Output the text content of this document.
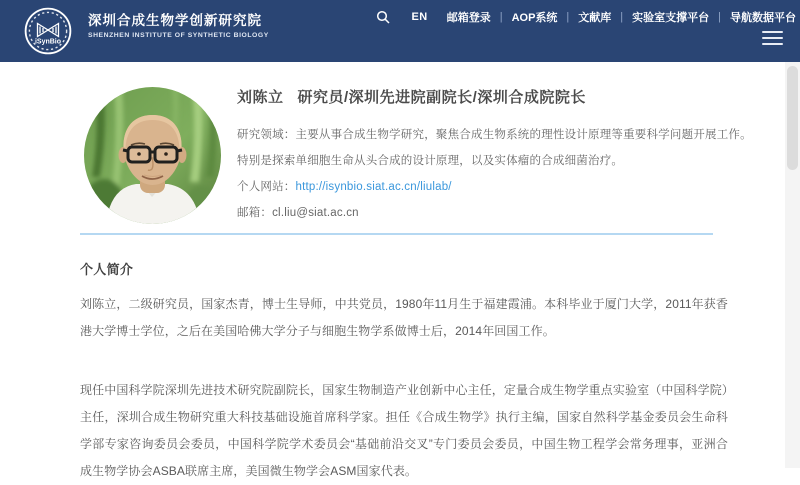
iSynBio
深圳合成生物学创新研究院
SHENZHEN INSTITUTE OF SYNTHETIC BIOLOGY
EN 邮箱登录 | AOP系统 | 文献库 | 实验室支撑平台 | 导航数据平台
刘陈立 研究员/深圳先进院副院长/深圳合成院院长
研究领域：主要从事合成生物学研究，聚焦合成生物系统的理性设计原理等重要科学问题开展工作。
特别是探索单细胞生命从头合成的设计原理，以及实体瘤的合成细菌治疗。
个人网站：http://isynbio.siat.ac.cn/liulab/
邮箱：cl.liu@siat.ac.cn
个人简介

刘陈立，二级研究员，国家杰青，博士生导师，中共党员，1980年11月生于福建霞浦。本科毕业于厦门大学，2011年获香港大学博士学位，之后在美国哈佛大学分子与细胞生物学系做博士后，2014年回国工作。

现任中国科学院深圳先进技术研究院副院长，国家生物制造产业创新中心主任，定量合成生物学重点实验室（中国科学院）主任，深圳合成生物研究重大科技基础设施首席科学家。担任《合成生物学》执行主编，国家自然科学基金委员会生命科学部专家咨询委员会委员，中国科学院学术委员会“基础前沿交叉”专门委员会委员，中国生物工程学会常务理事，亚洲合成生物学协会ASBA联席主席，美国微生物学会ASM国家代表。
